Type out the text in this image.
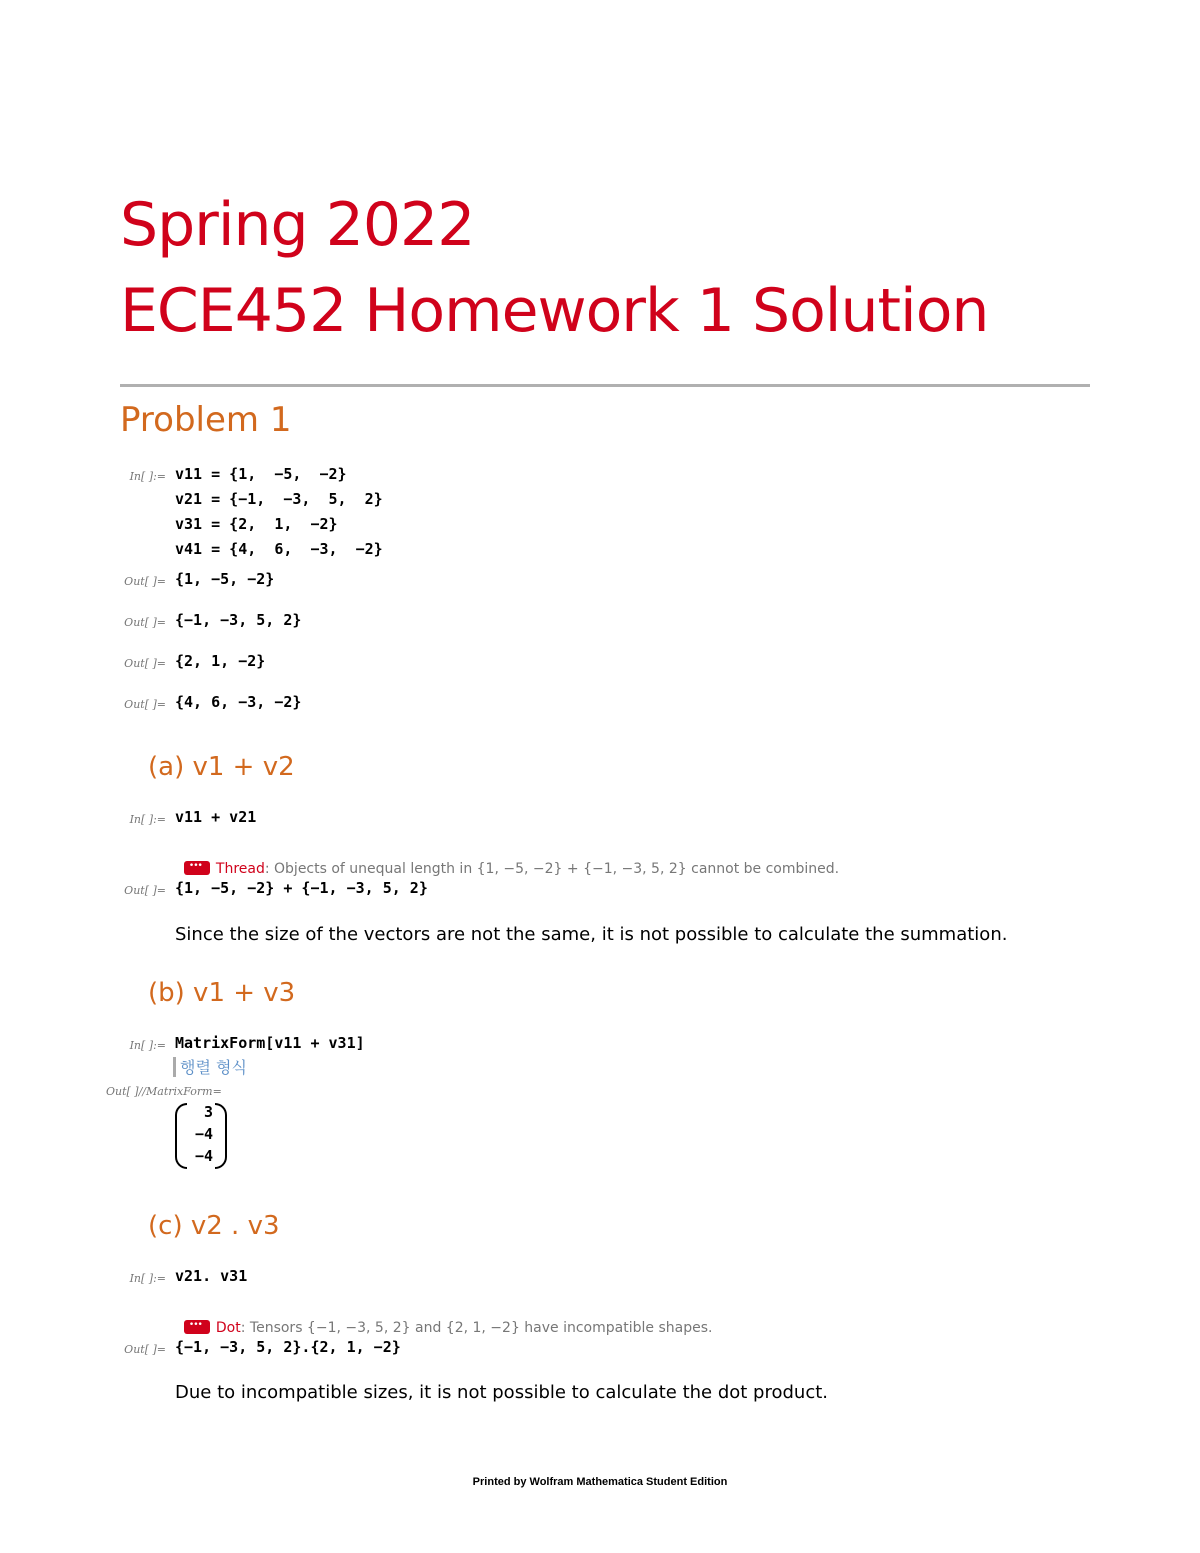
Spring 2022
ECE452 Homework 1 Solution
Problem 1
In[ ]:= v11 = {1,  −5,  −2}
v21 = {−1,  −3,  5,  2}
v31 = {2,  1,  −2}
v41 = {4,  6,  −3,  −2}
Out[ ]= {1, −5, −2}
Out[ ]= {−1, −3, 5, 2}
Out[ ]= {2, 1, −2}
Out[ ]= {4, 6, −3, −2}
(a) v1 + v2
In[ ]:= v11 + v21

•••Thread: Objects of unequal length in {1, −5, −2} + {−1, −3, 5, 2} cannot be combined.

Out[ ]= {1, −5, −2} + {−1, −3, 5, 2}
Since the size of the vectors are not the same, it is not possible to calculate the summation.
(b) v1 + v3
In[ ]:= MatrixForm[v11 + v31]
행렬 형식
Out[ ]//MatrixForm=
3
−4
−4
(c) v2 . v3
In[ ]:= v21. v31

•••Dot: Tensors {−1, −3, 5, 2} and {2, 1, −2} have incompatible shapes.

Out[ ]= {−1, −3, 5, 2}.{2, 1, −2}
Due to incompatible sizes, it is not possible to calculate the dot product.
Printed by Wolfram Mathematica Student Edition
